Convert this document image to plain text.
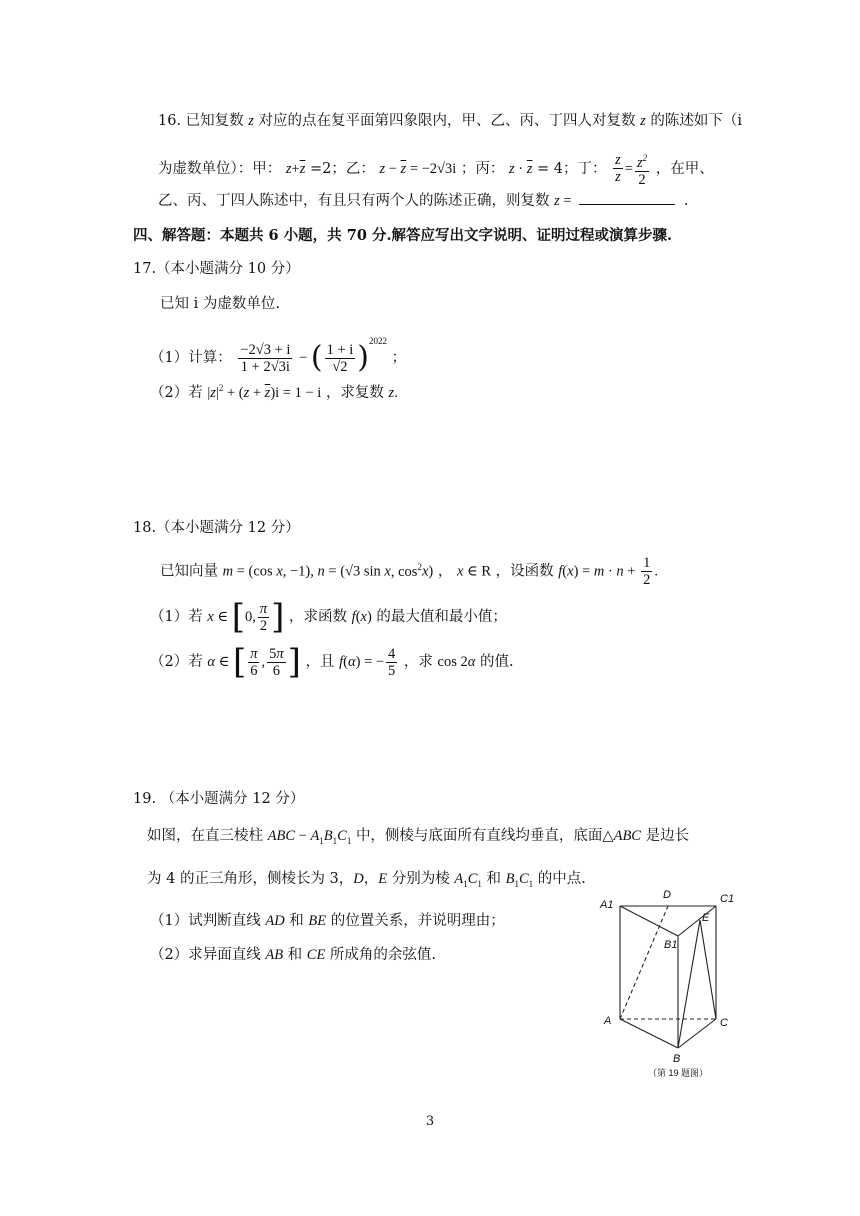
16. 已知复数 z 对应的点在复平面第四象限内，甲、乙、丙、丁四人对复数 z 的陈述如下（i
为虚数单位）：甲： $z+\overline{z} =2$；乙： $z - \overline{z} = -2√3i$ ；丙： $z \cdot \overline{z} = 4$；丁： $\frac{z}{z} = \frac{z^2}{2}$ ，在甲、
乙、丙、丁四人陈述中，有且只有两个人的陈述正确，则复数 z =	.
四、解答题：本题共 6 小题，共 70 分.解答应写出文字说明、证明过程或演算步骤.
17.（本小题满分 10 分）
已知 i 为虚数单位.
（1）计算： $\frac{-2√3 + i}{1 + 2√3i}$ − ( $\frac{1 + i}{√2} )^{2022}$ ；
（2）若 $|z|^2 + (z + \overline{z})i = 1 - i$ ，求复数 z.
18.（本小题满分 12 分）
已知向量 m = (cos x, −1), n = (√3 sin x, $\cos^2x$) ， x ∈ R ，设函数 $f(x) = m \cdot n + \frac{1}{2}$ .
（1）若 x ∈ [0, $\frac{\pi}{2}$ ] ，求函数 f(x) 的最大值和最小值；
（2）若 α ∈ [ $\frac{\pi}{6}$ , $\frac{5\pi}{6}$ ] ，且 f(α) = − $\frac{4}{5}$ ，求 cos 2α 的值.
19. （本小题满分 12 分）
如图，在直三棱柱 ABC − $A_1B_1C_1$ 中，侧棱与底面所有直线均垂直，底面△ABC 是边长
为 4 的正三角形，侧棱长为 3，D，E 分别为棱 $A_1C_1$ 和 $B_1C_1$ 的中点.
（1）试判断直线 AD 和 BE 的位置关系，并说明理由；
（2）求异面直线 AB 和 CE 所成角的余弦值.
A1
D	C1
E
B1
A	C
B
（第 19 题图）
3
